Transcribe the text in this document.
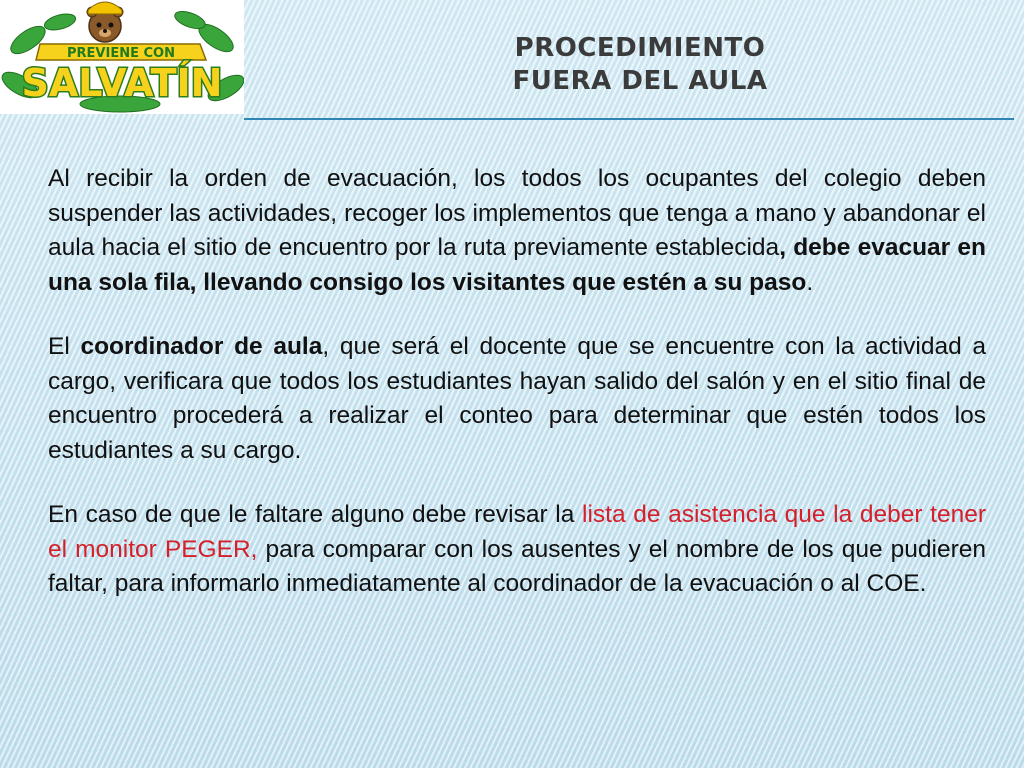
PREVIENE CON
SALVATÍN
PROCEDIMIENTO
FUERA DEL AULA

Al recibir la orden de evacuación, los todos los ocupantes del colegio deben suspender las actividades, recoger los implementos que tenga a mano y abandonar el aula hacia el sitio de encuentro por la ruta previamente establecida, debe evacuar en una sola fila, llevando consigo los visitantes que estén a su paso.

El coordinador de aula, que será el docente que se encuentre con la actividad a cargo, verificara que todos los estudiantes hayan salido del salón y en el sitio final de encuentro procederá a realizar el conteo para determinar que estén todos los estudiantes a su cargo.

En caso de que le faltare alguno debe revisar la lista de asistencia que la deber tener el monitor PEGER, para comparar con los ausentes y el nombre de los que pudieren faltar, para informarlo inmediatamente al coordinador de la evacuación o al COE.
